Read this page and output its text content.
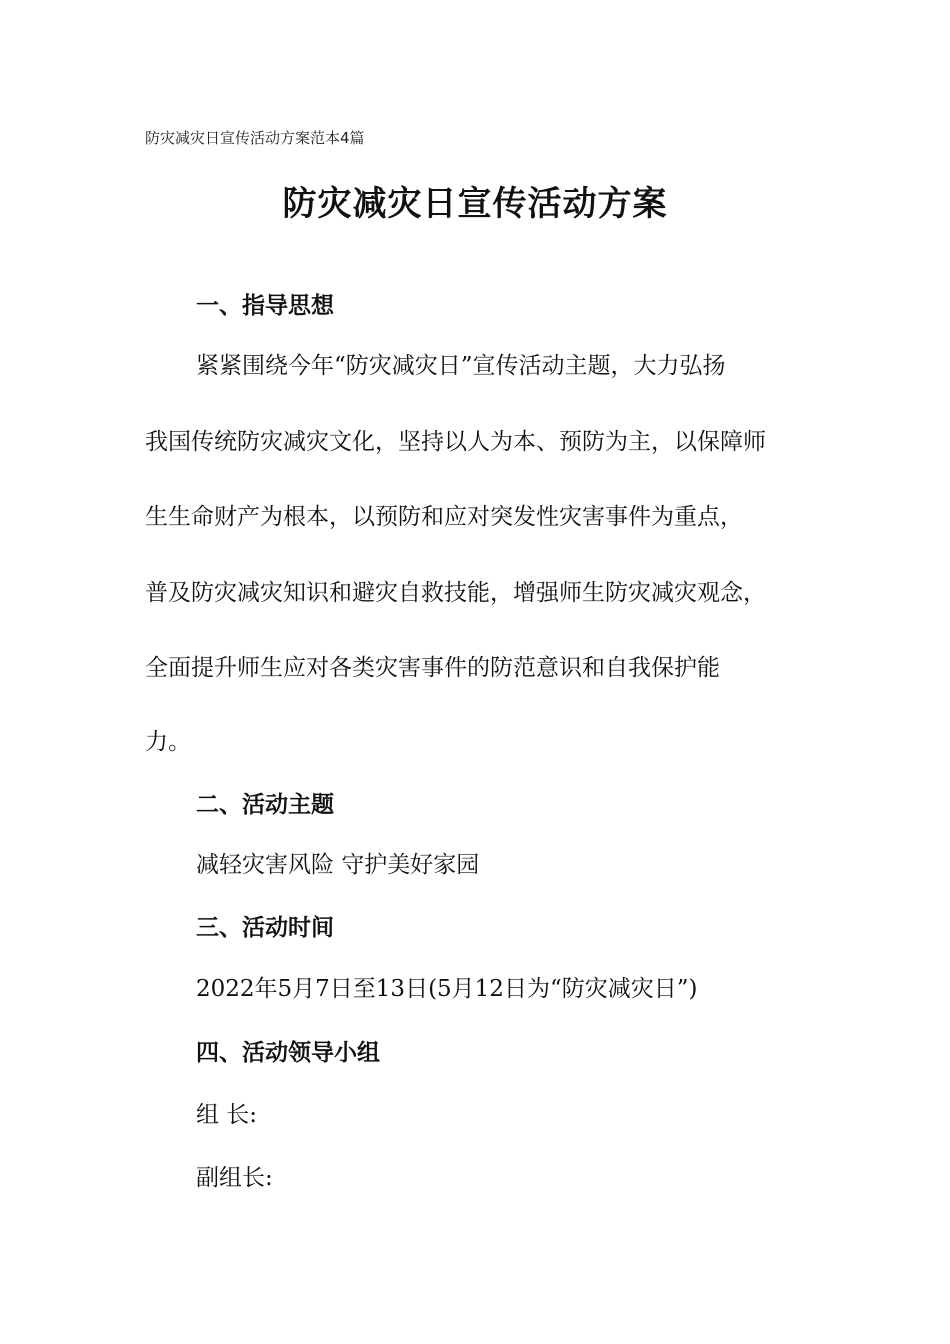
防灾减灾日宣传活动方案范本4篇
防灾减灾日宣传活动方案
一、指导思想
紧紧围绕今年“防灾减灾日”宣传活动主题，大力弘扬
我国传统防灾减灾文化，坚持以人为本、预防为主，以保障师
生生命财产为根本，以预防和应对突发性灾害事件为重点，
普及防灾减灾知识和避灾自救技能，增强师生防灾减灾观念，
全面提升师生应对各类灾害事件的防范意识和自我保护能
力。
二、活动主题
减轻灾害风险 守护美好家园
三、活动时间
2022年5月7日至13日(5月12日为“防灾减灾日”)
四、活动领导小组
组 长:
副组长:
